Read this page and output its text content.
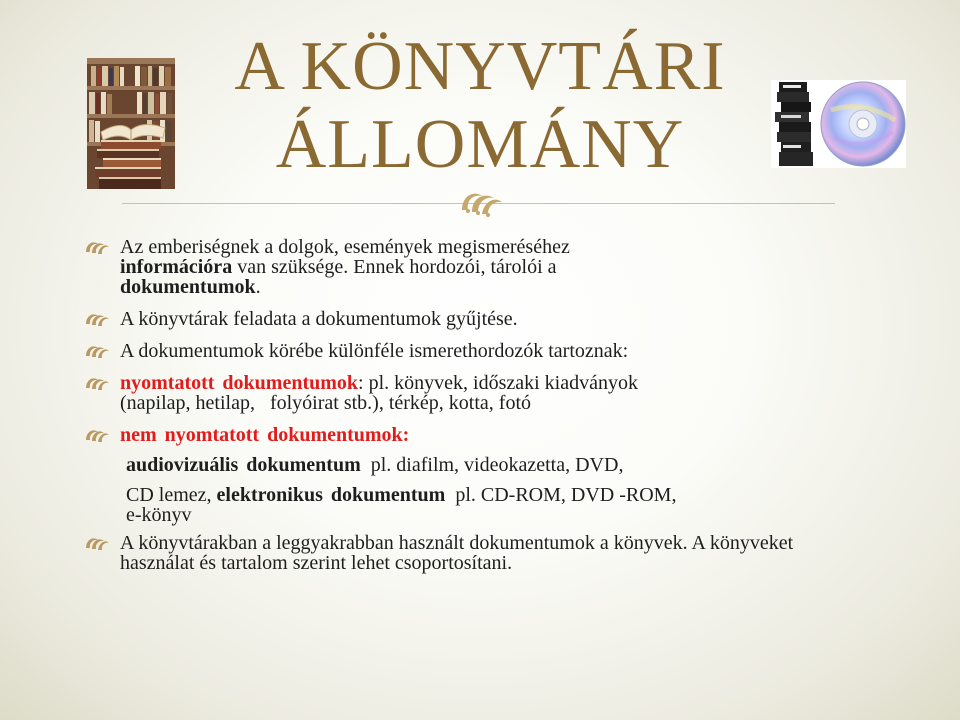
A KÖNYVTÁRI
ÁLLOMÁNY
Az emberiségnek a dolgok, események megismeréséhez
információra van szüksége. Ennek hordozói, tárolói a
dokumentumok.
A könyvtárak feladata a dokumentumok gyűjtése.
A dokumentumok körébe különféle ismerethordozók tartoznak:
nyomtatott dokumentumok: pl. könyvek, időszaki kiadványok
(napilap, hetilap,   folyóirat stb.), térkép, kotta, fotó
nem nyomtatott dokumentumok:
audiovizuális dokumentum  pl. diafilm, videokazetta, DVD,
CD lemez, elektronikus dokumentum  pl. CD-ROM, DVD -ROM,
e-könyv
A könyvtárakban a leggyakrabban használt dokumentumok a könyvek. A könyveket használat és tartalom szerint lehet csoportosítani.
